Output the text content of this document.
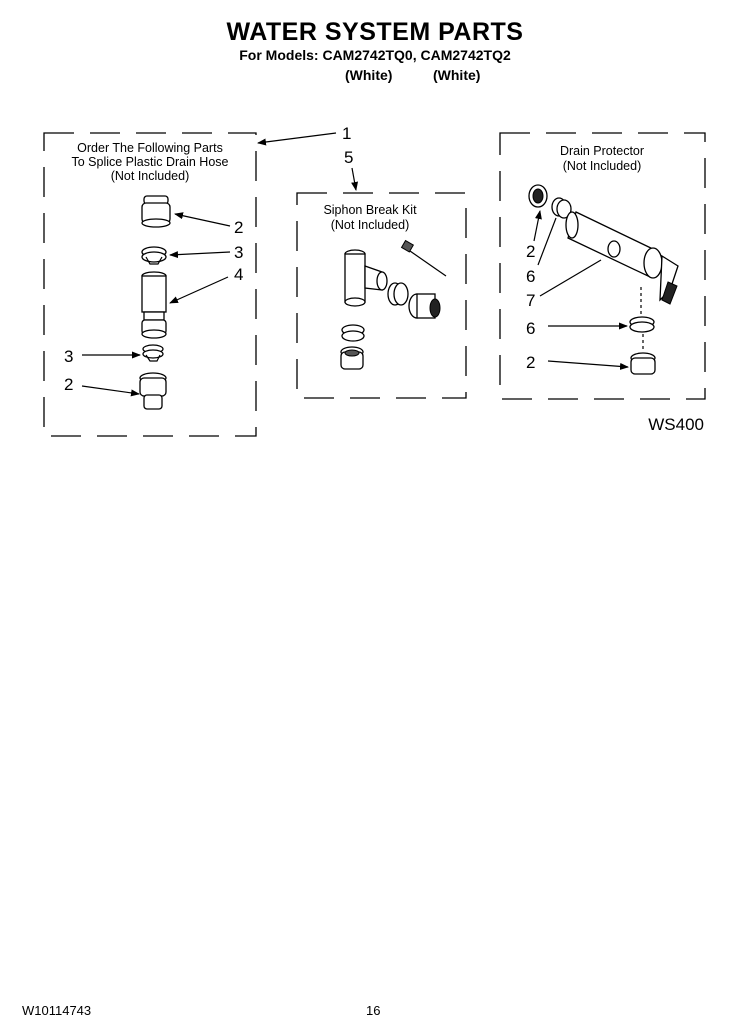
WATER SYSTEM PARTS
For Models: CAM2742TQ0, CAM2742TQ2
(White)	(White)
Order The Following Parts
To Splice Plastic Drain Hose
(Not Included)
1
2
3
4
3
2
5
Siphon Break Kit
(Not Included)
Drain Protector
(Not Included)
2
6
7
6
2
WS400
W10114743	16
